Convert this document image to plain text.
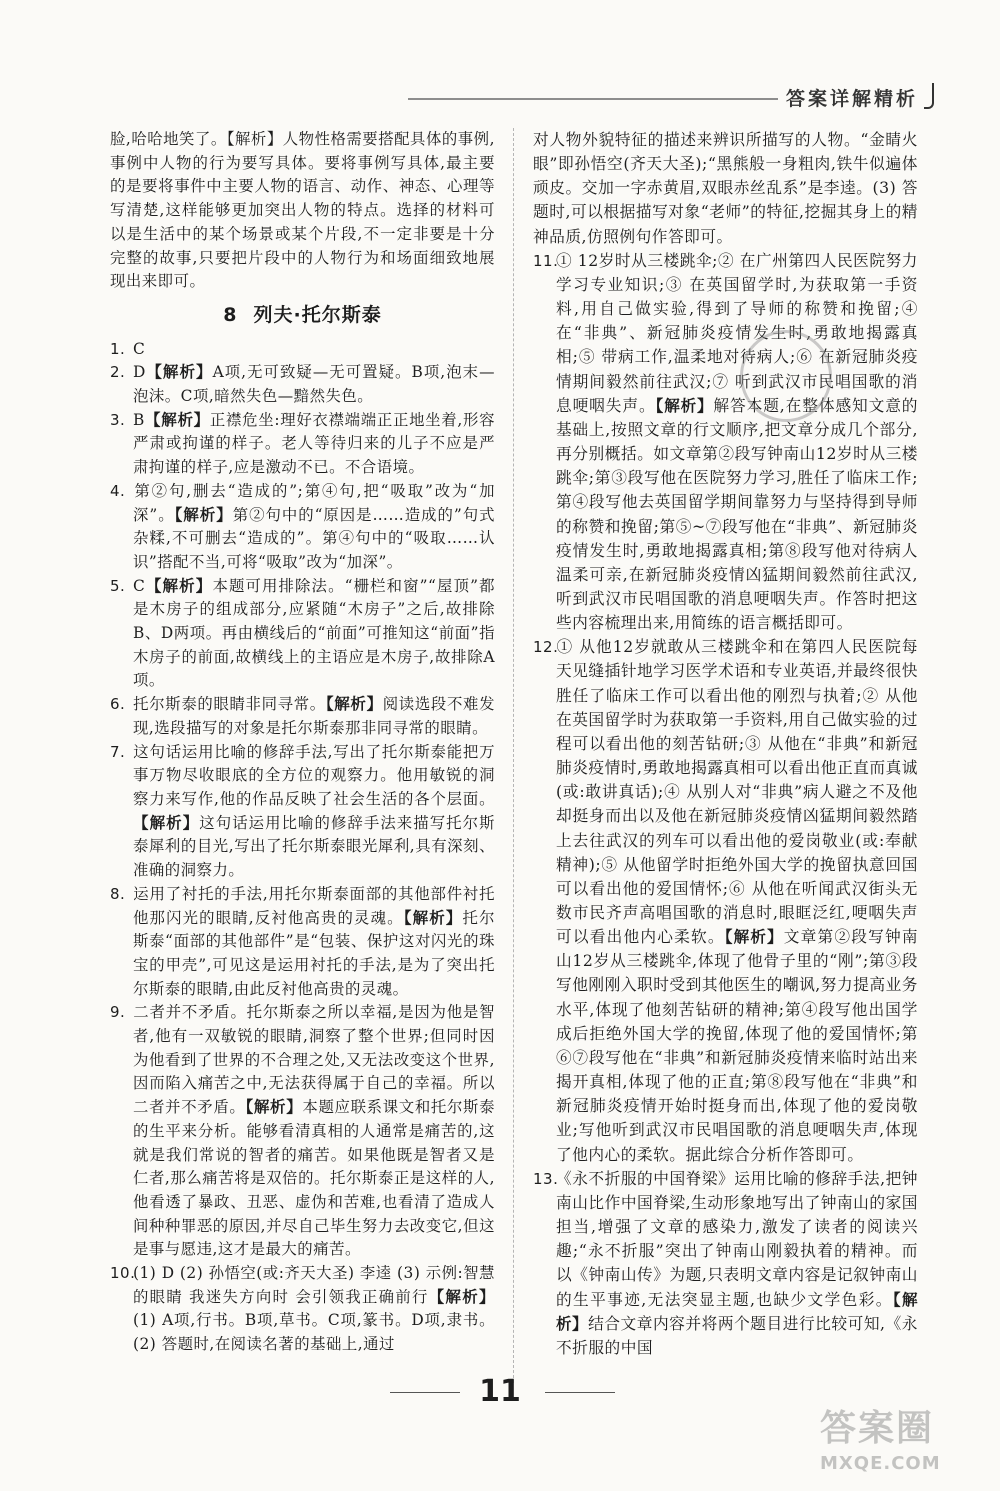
答案详解精析

脸,哈哈地笑了。【解析】人物性格需要搭配具体的事例,事例中人物的行为要写具体。要将事例写具体,最主要的是要将事件中主要人物的语言、动作、神态、心理等写清楚,这样能够更加突出人物的特点。选择的材料可以是生活中的某个场景或某个片段,不一定非要是十分完整的故事,只要把片段中的人物行为和场面细致地展现出来即可。

8 列夫·托尔斯泰

1. C

2. D【解析】A项,无可致疑—无可置疑。B项,泡末—泡沫。C项,暗然失色—黯然失色。

3. B【解析】正襟危坐:理好衣襟端端正正地坐着,形容严肃或拘谨的样子。老人等待归来的儿子不应是严肃拘谨的样子,应是激动不已。不合语境。

4. 第②句,删去“造成的”;第④句,把“吸取”改为“加深”。【解析】第②句中的“原因是……造成的”句式杂糅,不可删去“造成的”。第④句中的“吸取……认识”搭配不当,可将“吸取”改为“加深”。

5. C【解析】本题可用排除法。“栅栏和窗”“屋顶”都是木房子的组成部分,应紧随“木房子”之后,故排除B、D两项。再由横线后的“前面”可推知这“前面”指木房子的前面,故横线上的主语应是木房子,故排除A项。

6. 托尔斯泰的眼睛非同寻常。【解析】阅读选段不难发现,选段描写的对象是托尔斯泰那非同寻常的眼睛。

7. 这句话运用比喻的修辞手法,写出了托尔斯泰能把万事万物尽收眼底的全方位的观察力。他用敏锐的洞察力来写作,他的作品反映了社会生活的各个层面。【解析】这句话运用比喻的修辞手法来描写托尔斯泰犀利的目光,写出了托尔斯泰眼光犀利,具有深刻、准确的洞察力。

8. 运用了衬托的手法,用托尔斯泰面部的其他部件衬托他那闪光的眼睛,反衬他高贵的灵魂。【解析】托尔斯泰“面部的其他部件”是“包装、保护这对闪光的珠宝的甲壳”,可见这是运用衬托的手法,是为了突出托尔斯泰的眼睛,由此反衬他高贵的灵魂。

9. 二者并不矛盾。托尔斯泰之所以幸福,是因为他是智者,他有一双敏锐的眼睛,洞察了整个世界;但同时因为他看到了世界的不合理之处,又无法改变这个世界,因而陷入痛苦之中,无法获得属于自己的幸福。所以二者并不矛盾。【解析】本题应联系课文和托尔斯泰的生平来分析。能够看清真相的人通常是痛苦的,这就是我们常说的智者的痛苦。如果他既是智者又是仁者,那么痛苦将是双倍的。托尔斯泰正是这样的人,他看透了暴政、丑恶、虚伪和苦难,也看清了造成人间种种罪恶的原因,并尽自己毕生努力去改变它,但这是事与愿违,这才是最大的痛苦。

10.(1) D (2) 孙悟空(或:齐天大圣) 李逵 (3) 示例:智慧的眼睛 我迷失方向时 会引领我正确前行【解析】(1) A项,行书。B项,草书。C项,篆书。D项,隶书。 (2) 答题时,在阅读名著的基础上,通过

对人物外貌特征的描述来辨识所描写的人物。“金睛火眼”即孙悟空(齐天大圣);“黑熊般一身粗肉,铁牛似遍体顽皮。交加一字赤黄眉,双眼赤丝乱系”是李逵。(3) 答题时,可以根据描写对象“老师”的特征,挖掘其身上的精神品质,仿照例句作答即可。

11.① 12岁时从三楼跳伞;② 在广州第四人民医院努力学习专业知识;③ 在英国留学时,为获取第一手资料,用自己做实验,得到了导师的称赞和挽留;④ 在“非典”、新冠肺炎疫情发生时,勇敢地揭露真相;⑤ 带病工作,温柔地对待病人;⑥ 在新冠肺炎疫情期间毅然前往武汉;⑦ 听到武汉市民唱国歌的消息哽咽失声。【解析】解答本题,在整体感知文意的基础上,按照文章的行文顺序,把文章分成几个部分,再分别概括。如文章第②段写钟南山12岁时从三楼跳伞;第③段写他在医院努力学习,胜任了临床工作;第④段写他去英国留学期间靠努力与坚持得到导师的称赞和挽留;第⑤~⑦段写他在“非典”、新冠肺炎疫情发生时,勇敢地揭露真相;第⑧段写他对待病人温柔可亲,在新冠肺炎疫情凶猛期间毅然前往武汉,听到武汉市民唱国歌的消息哽咽失声。作答时把这些内容梳理出来,用简练的语言概括即可。

12.① 从他12岁就敢从三楼跳伞和在第四人民医院每天见缝插针地学习医学术语和专业英语,并最终很快胜任了临床工作可以看出他的刚烈与执着;② 从他在英国留学时为获取第一手资料,用自己做实验的过程可以看出他的刻苦钻研;③ 从他在“非典”和新冠肺炎疫情时,勇敢地揭露真相可以看出他正直而真诚(或:敢讲真话);④ 从别人对“非典”病人避之不及他却挺身而出以及他在新冠肺炎疫情凶猛期间毅然踏上去往武汉的列车可以看出他的爱岗敬业(或:奉献精神);⑤ 从他留学时拒绝外国大学的挽留执意回国可以看出他的爱国情怀;⑥ 从他在听闻武汉街头无数市民齐声高唱国歌的消息时,眼眶泛红,哽咽失声可以看出他内心柔软。【解析】文章第②段写钟南山12岁从三楼跳伞,体现了他骨子里的“刚”;第③段写他刚刚入职时受到其他医生的嘲讽,努力提高业务水平,体现了他刻苦钻研的精神;第④段写他出国学成后拒绝外国大学的挽留,体现了他的爱国情怀;第⑥⑦段写他在“非典”和新冠肺炎疫情来临时站出来揭开真相,体现了他的正直;第⑧段写他在“非典”和新冠肺炎疫情开始时挺身而出,体现了他的爱岗敬业;写他听到武汉市民唱国歌的消息哽咽失声,体现了他内心的柔软。据此综合分析作答即可。

13.《永不折服的中国脊梁》运用比喻的修辞手法,把钟南山比作中国脊梁,生动形象地写出了钟南山的家国担当,增强了文章的感染力,激发了读者的阅读兴趣;“永不折服”突出了钟南山刚毅执着的精神。而以《钟南山传》为题,只表明文章内容是记叙钟南山的生平事迹,无法突显主题,也缺少文学色彩。【解析】结合文章内容并将两个题目进行比较可知,《永不折服的中国

11
答案圈
MXQE.COM
